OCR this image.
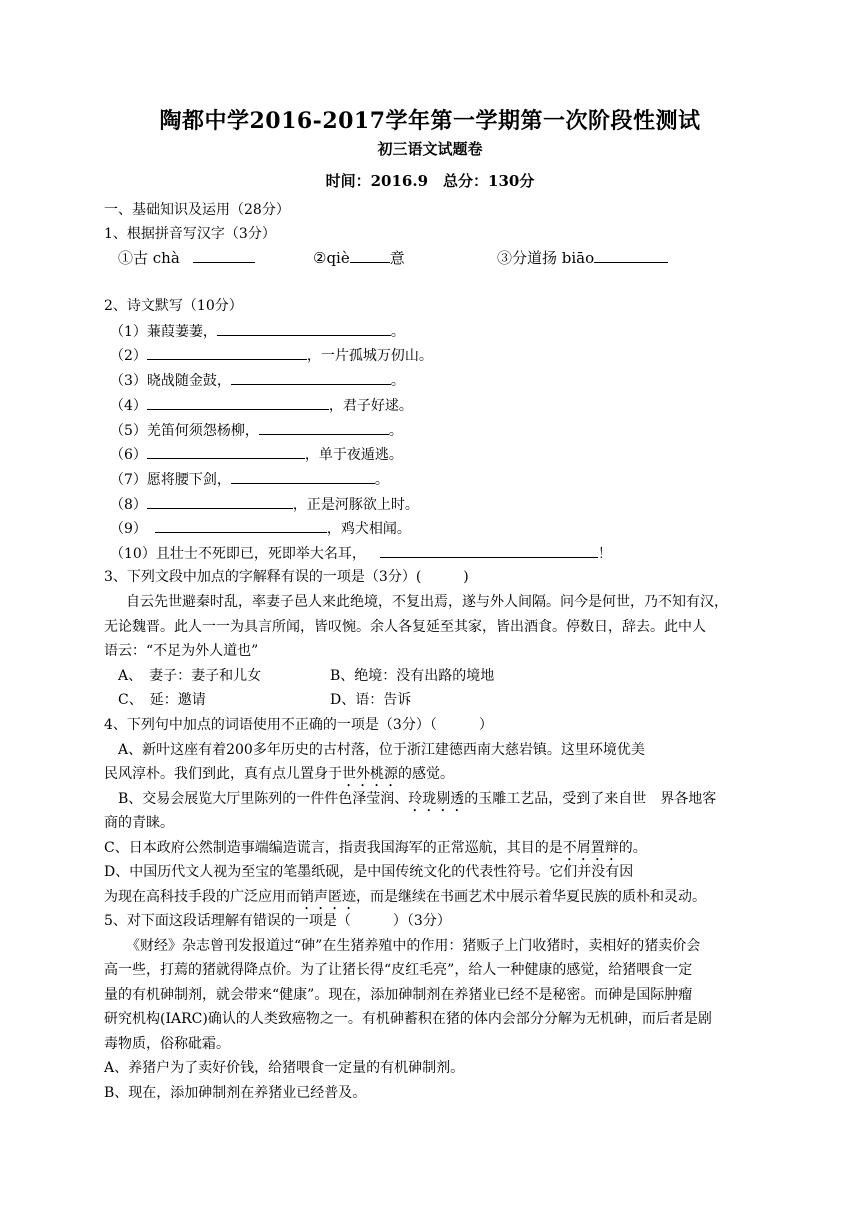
陶都中学2016-2017学年第一学期第一次阶段性测试
初三语文试题卷
时间：2016.9　总分：130分
一、基础知识及运用（28分）
1、根据拼音写汉字（3分）
①古 chà	②qiè	意	③分道扬 biāo
2、诗文默写（10分）
（1）蒹葭萋萋，	。
（2）	，一片孤城万仞山。
（3）晓战随金鼓，	。
（4）	，君子好逑。
（5）羌笛何须怨杨柳，	。
（6）	，单于夜遁逃。
（7）愿将腰下剑，	。
（8）	，正是河豚欲上时。
（9）	，鸡犬相闻。
（10）且壮士不死即已，死即举大名耳，	！
3、下列文段中加点的字解释有误的一项是（3分）(　　　)
自云先世避秦时乱，率妻子邑人来此绝境，不复出焉，遂与外人间隔。问今是何世，乃不知有汉，
无论魏晋。此人一一为具言所闻，皆叹惋。余人各复延至其家，皆出酒食。停数日，辞去。此中人
语云：“不足为外人道也”
A、　妻子：妻子和儿女	B、绝境：没有出路的境地
C、　延：邀请	D、语：告诉
4、下列句中加点的词语使用不正确的一项是（3分）（　　　）
A、新叶这座有着200多年历史的古村落，位于浙江建德西南大慈岩镇。这里环境优美
民风淳朴。我们到此，真有点儿置身于世外桃源的感觉。
B、交易会展览大厅里陈列的一件件色泽莹润、玲珑剔透的玉雕工艺品，受到了来自世　界各地客
商的青睐。
C、日本政府公然制造事端编造谎言，指责我国海军的正常巡航，其目的是不屑置辩的。
D、中国历代文人视为至宝的笔墨纸砚，是中国传统文化的代表性符号。它们并没有因
为现在高科技手段的广泛应用而销声匿迹，而是继续在书画艺术中展示着华夏民族的质朴和灵动。
5、对下面这段话理解有错误的一项是（　　　）（3分）
《财经》杂志曾刊发报道过“砷”在生猪养殖中的作用：猪贩子上门收猪时，卖相好的猪卖价会
高一些，打蔫的猪就得降点价。为了让猪长得“皮红毛亮”，给人一种健康的感觉，给猪喂食一定
量的有机砷制剂，就会带来“健康”。现在，添加砷制剂在养猪业已经不是秘密。而砷是国际肿瘤
研究机构(IARC)确认的人类致癌物之一。有机砷蓄积在猪的体内会部分分解为无机砷，而后者是剧
毒物质，俗称砒霜。
A、养猪户为了卖好价钱，给猪喂食一定量的有机砷制剂。
B、现在，添加砷制剂在养猪业已经普及。
